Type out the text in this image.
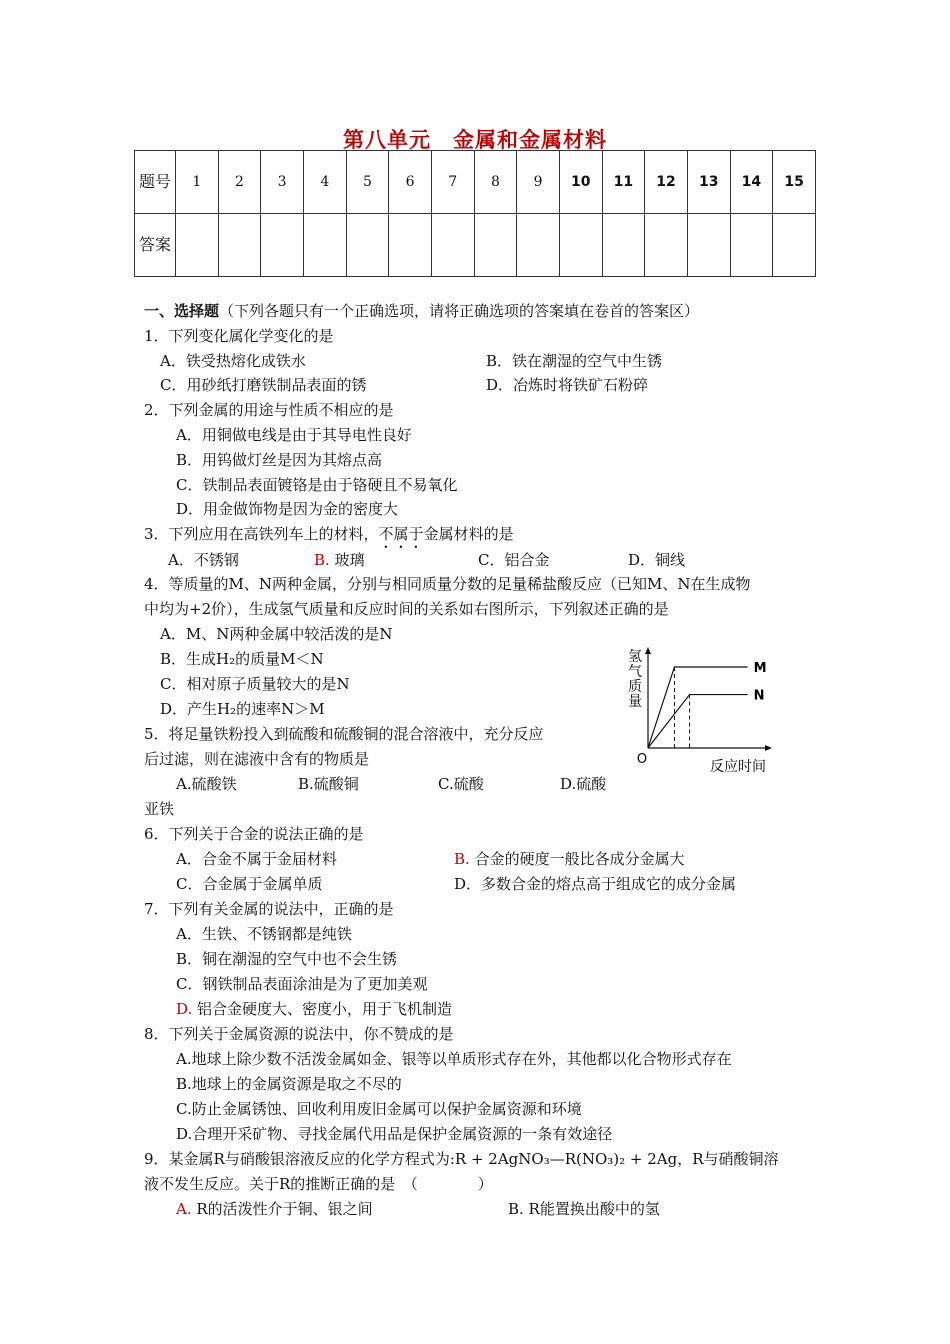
第八单元　金属和金属材料
题号	1	2	3	4	5	6	7	8	9	10	11	12	13	14	15
答案															
一、选择题（下列各题只有一个正确选项，请将正确选项的答案填在卷首的答案区）
1．下列变化属化学变化的是
A．铁受热熔化成铁水	B．铁在潮湿的空气中生锈
C．用砂纸打磨铁制品表面的锈	D．冶炼时将铁矿石粉碎
2．下列金属的用途与性质不相应的是
A．用铜做电线是由于其导电性良好
B．用钨做灯丝是因为其熔点高
C．铁制品表面镀铬是由于铬硬且不易氧化
D．用金做饰物是因为金的密度大
3．下列应用在高铁列车上的材料，不属于金属材料的是
A．不锈钢	B. 玻璃	C．铝合金	D．铜线
4．等质量的M、N两种金属，分别与相同质量分数的足量稀盐酸反应（已知M、N在生成物
中均为+2价），生成氢气质量和反应时间的关系如右图所示，下列叙述正确的是
A．M、N两种金属中较活泼的是N
B．生成H₂的质量M＜N
C．相对原子质量较大的是N
D．产生H₂的速率N＞M
氢
气
质
量
O	反应时间
M
N
5．将足量铁粉投入到硫酸和硫酸铜的混合溶液中，充分反应
后过滤，则在滤液中含有的物质是
A.硫酸铁	B.硫酸铜	C.硫酸	D.硫酸
亚铁
6．下列关于合金的说法正确的是
A．合金不属于金届材料	B. 合金的硬度一般比各成分金属大
C．合金属于金属单质	D．多数合金的熔点高于组成它的成分金属
7．下列有关金属的说法中，正确的是
A．生铁、不锈钢都是纯铁
B．铜在潮湿的空气中也不会生锈
C．钢铁制品表面涂油是为了更加美观
D. 铝合金硬度大、密度小，用于飞机制造
8．下列关于金属资源的说法中，你不赞成的是
A.地球上除少数不活泼金属如金、银等以单质形式存在外，其他都以化合物形式存在
B.地球上的金属资源是取之不尽的
C.防止金属锈蚀、回收利用废旧金属可以保护金属资源和环境
D.合理开采矿物、寻找金属代用品是保护金属资源的一条有效途径
9．某金属R与硝酸银溶液反应的化学方程式为:R + 2AgNO₃—R(NO₃)₂ + 2Ag，R与硝酸铜溶
液不发生反应。关于R的推断正确的是　（　　　　）
A. R的活泼性介于铜、银之间	B. R能置换出酸中的氢
